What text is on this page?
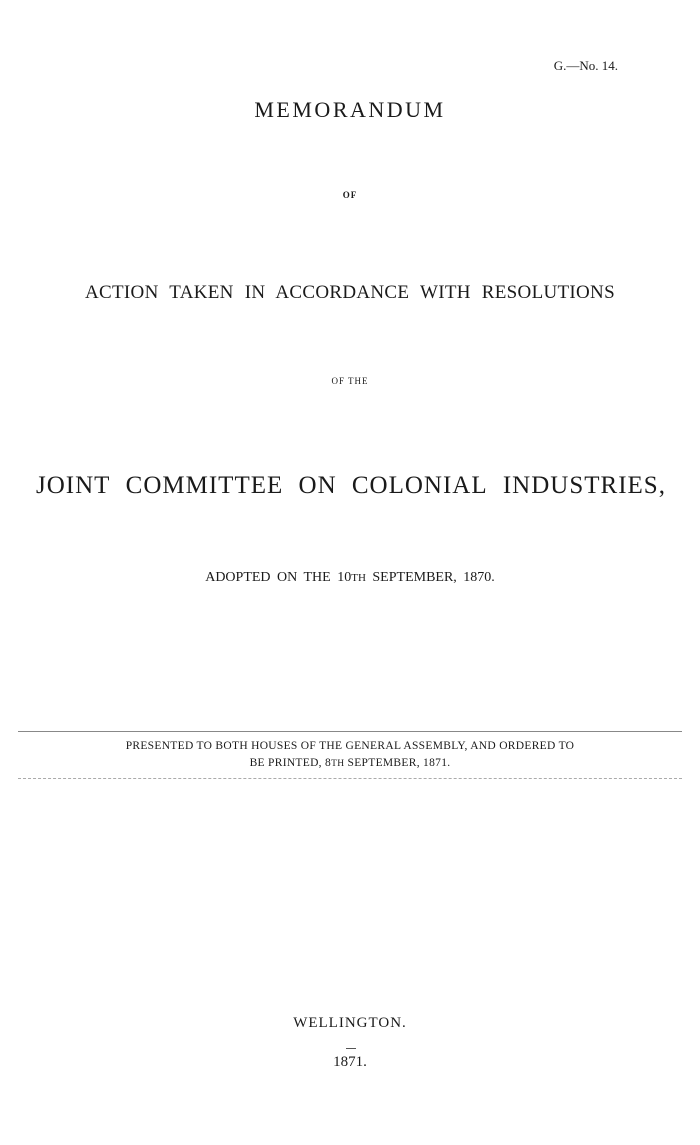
G.—No. 14.
MEMORANDUM
OF
ACTION TAKEN IN ACCORDANCE WITH RESOLUTIONS
OF THE
JOINT COMMITTEE ON COLONIAL INDUSTRIES,
ADOPTED ON THE 10TH SEPTEMBER, 1870.
PRESENTED TO BOTH HOUSES OF THE GENERAL ASSEMBLY, AND ORDERED TO
BE PRINTED, 8TH SEPTEMBER, 1871.
WELLINGTON.
1871.
